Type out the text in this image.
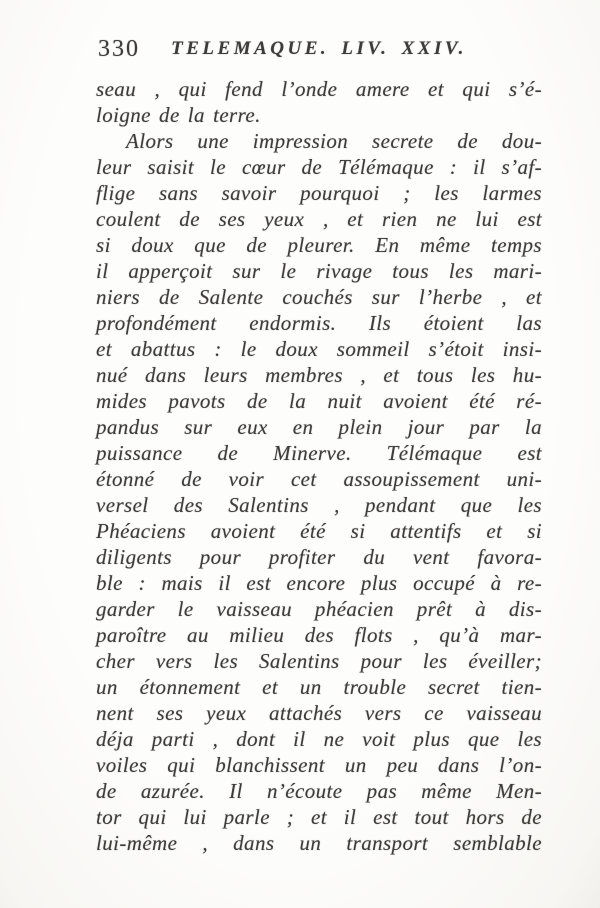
330 TELEMAQUE. LIV. XXIV.
seau , qui fend l’onde amere et qui s’é-
loigne de la terre.
Alors une impression secrete de dou-
leur saisit le cœur de Télémaque : il s’af-
flige sans savoir pourquoi ; les larmes
coulent de ses yeux , et rien ne lui est
si doux que de pleurer. En même temps
il apperçoit sur le rivage tous les mari-
niers de Salente couchés sur l’herbe , et
profondément endormis. Ils étoient las
et abattus : le doux sommeil s’étoit insi-
nué dans leurs membres , et tous les hu-
mides pavots de la nuit avoient été ré-
pandus sur eux en plein jour par la
puissance de Minerve. Télémaque est
étonné de voir cet assoupissement uni-
versel des Salentins , pendant que les
Phéaciens avoient été si attentifs et si
diligents pour profiter du vent favora-
ble : mais il est encore plus occupé à re-
garder le vaisseau phéacien prêt à dis-
paroître au milieu des flots , qu’à mar-
cher vers les Salentins pour les éveiller;
un étonnement et un trouble secret tien-
nent ses yeux attachés vers ce vaisseau
déja parti , dont il ne voit plus que les
voiles qui blanchissent un peu dans l’on-
de azurée. Il n’écoute pas même Men-
tor qui lui parle ; et il est tout hors de
lui-même , dans un transport semblable
